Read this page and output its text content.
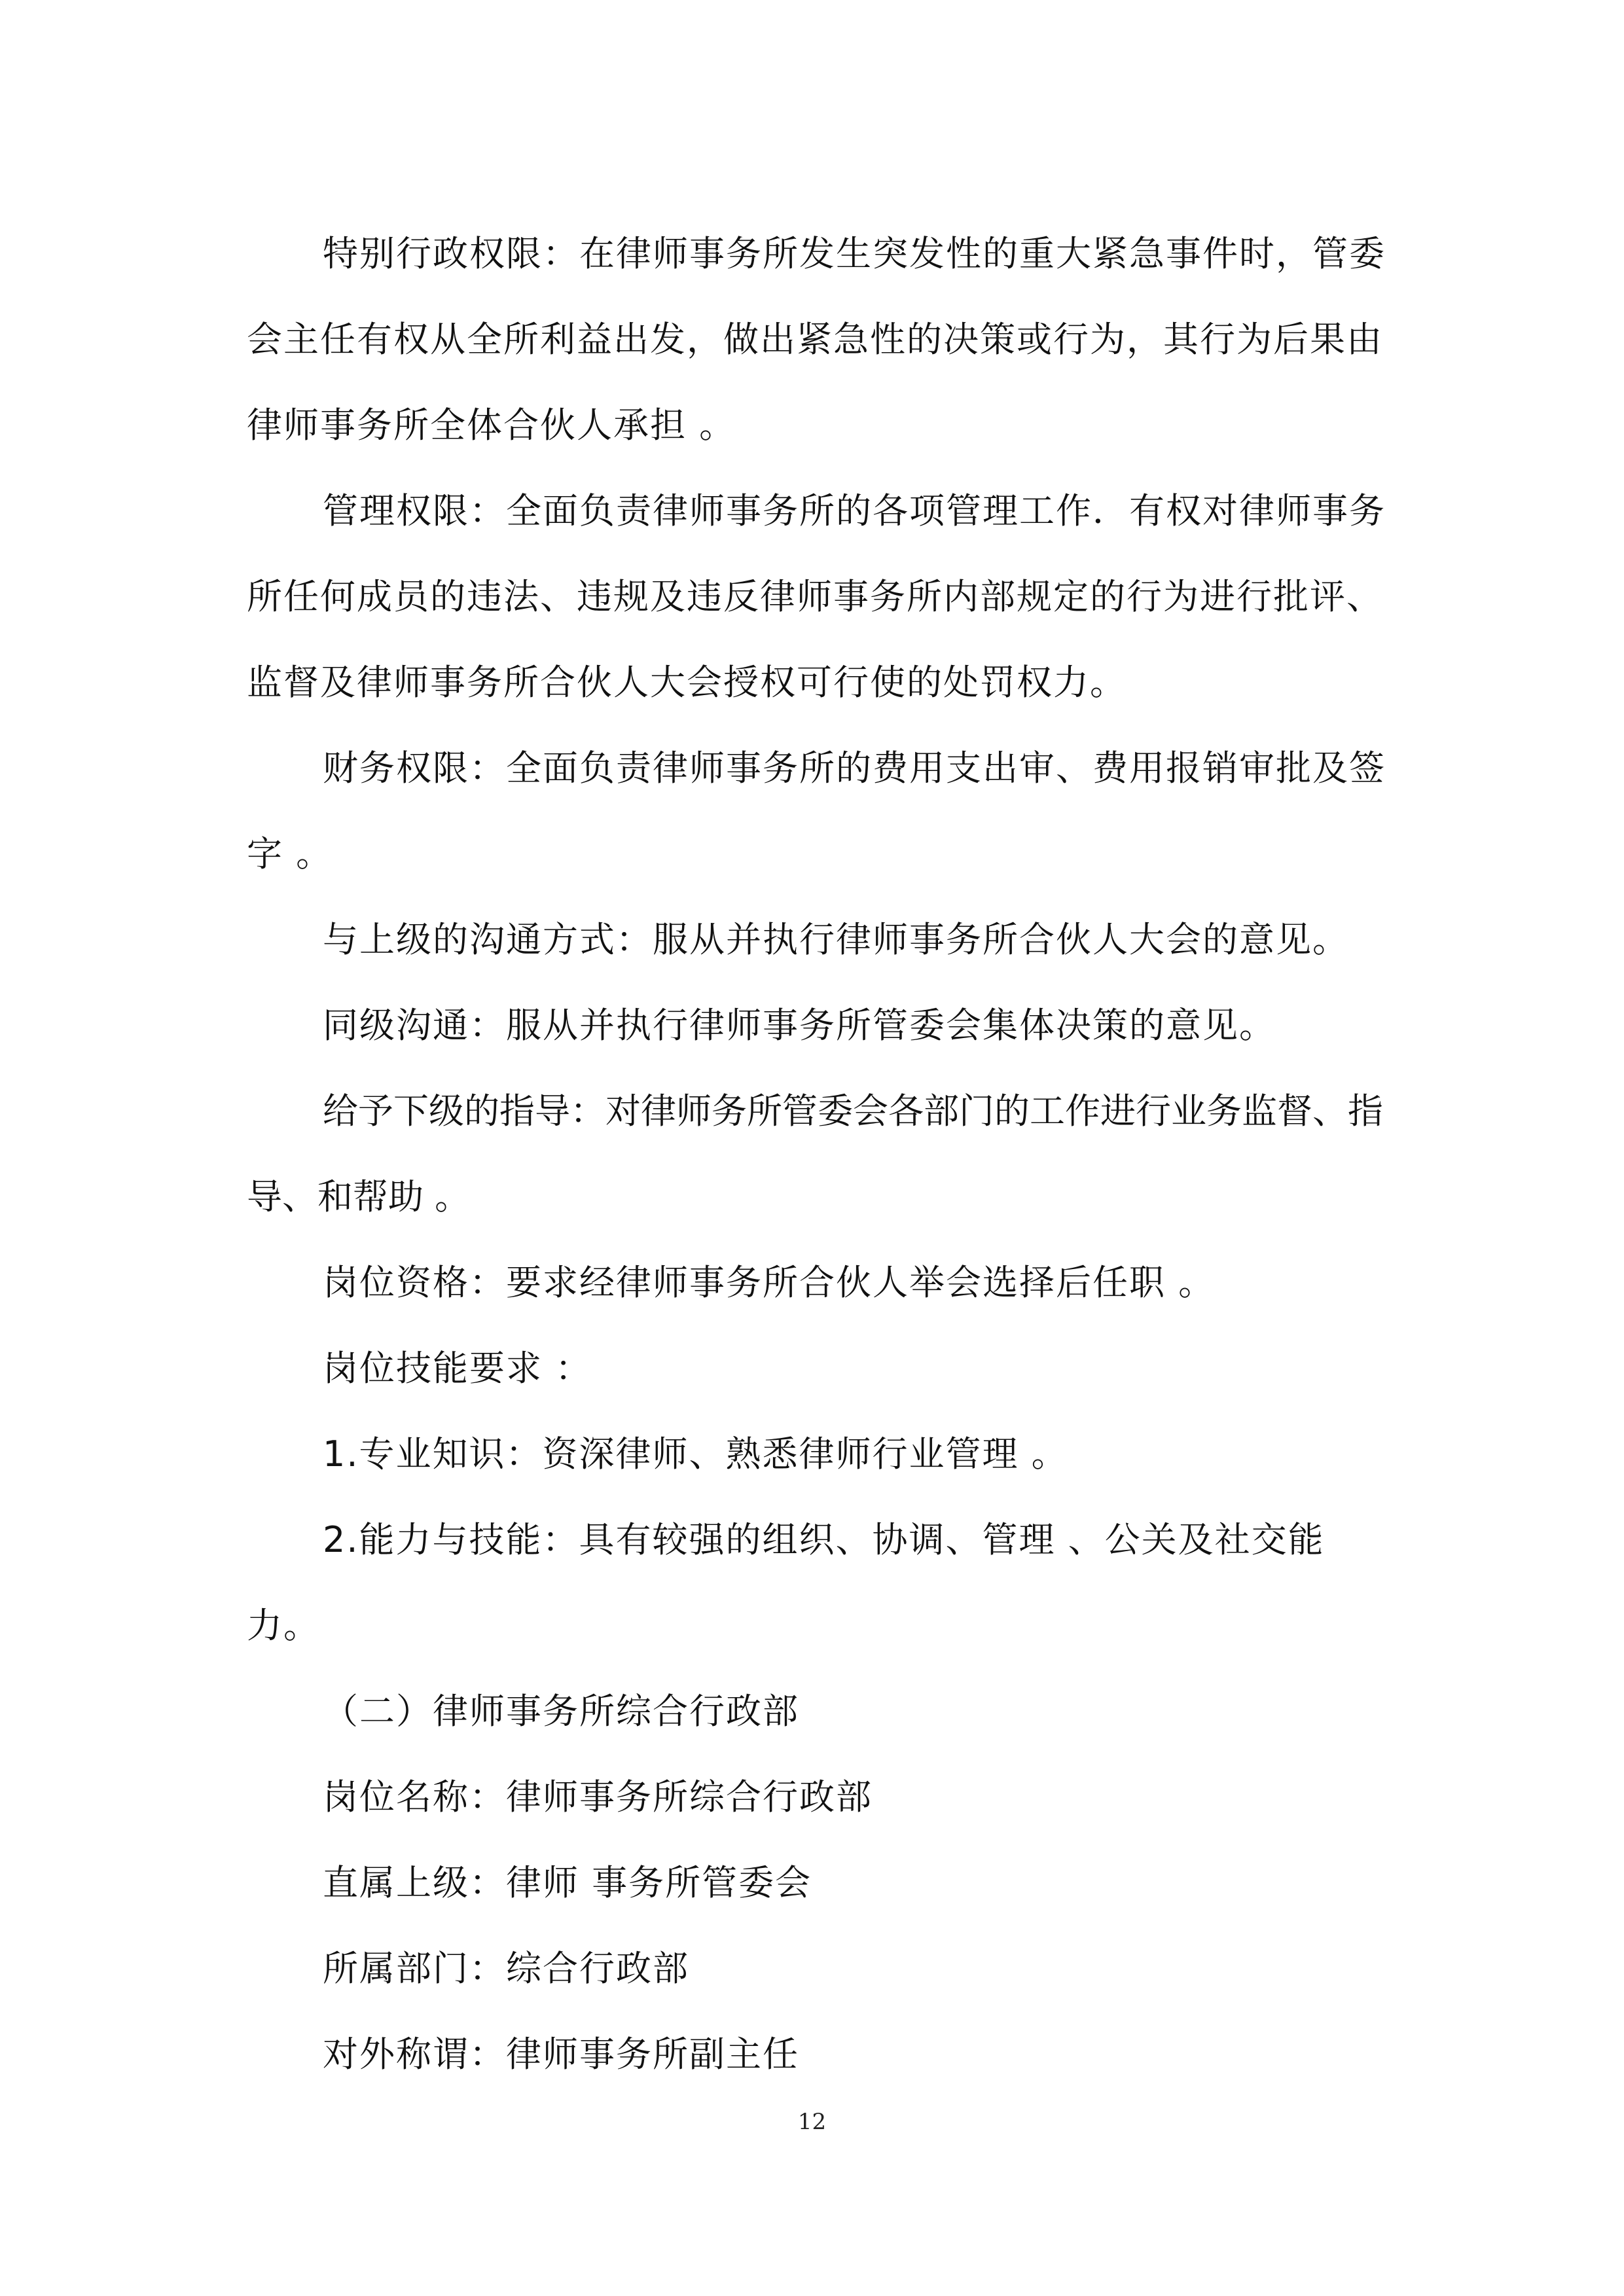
特别行政权限：在律师事务所发生突发性的重大紧急事件时，管委会主任有权从全所利益出发，做出紧急性的决策或行为，其行为后果由律师事务所全体合伙人承担 。

管理权限：全面负责律师事务所的各项管理工作．有权对律师事务所任何成员的违法、违规及违反律师事务所内部规定的行为进行批评、监督及律师事务所合伙人大会授权可行使的处罚权力。

财务权限：全面负责律师事务所的费用支出审、费用报销审批及签字 。

与上级的沟通方式：服从并执行律师事务所合伙人大会的意见。

同级沟通：服从并执行律师事务所管委会集体决策的意见。

给予下级的指导：对律师务所管委会各部门的工作进行业务监督、指导、和帮助 。

岗位资格：要求经律师事务所合伙人举会选择后任职 。

岗位技能要求 ：

1.专业知识：资深律师、熟悉律师行业管理 。

2.能力与技能：具有较强的组织、协调、管理 、公关及社交能力。

（二）律师事务所综合行政部

岗位名称：律师事务所综合行政部

直属上级：律师 事务所管委会

所属部门：综合行政部

对外称谓：律师事务所副主任

12
